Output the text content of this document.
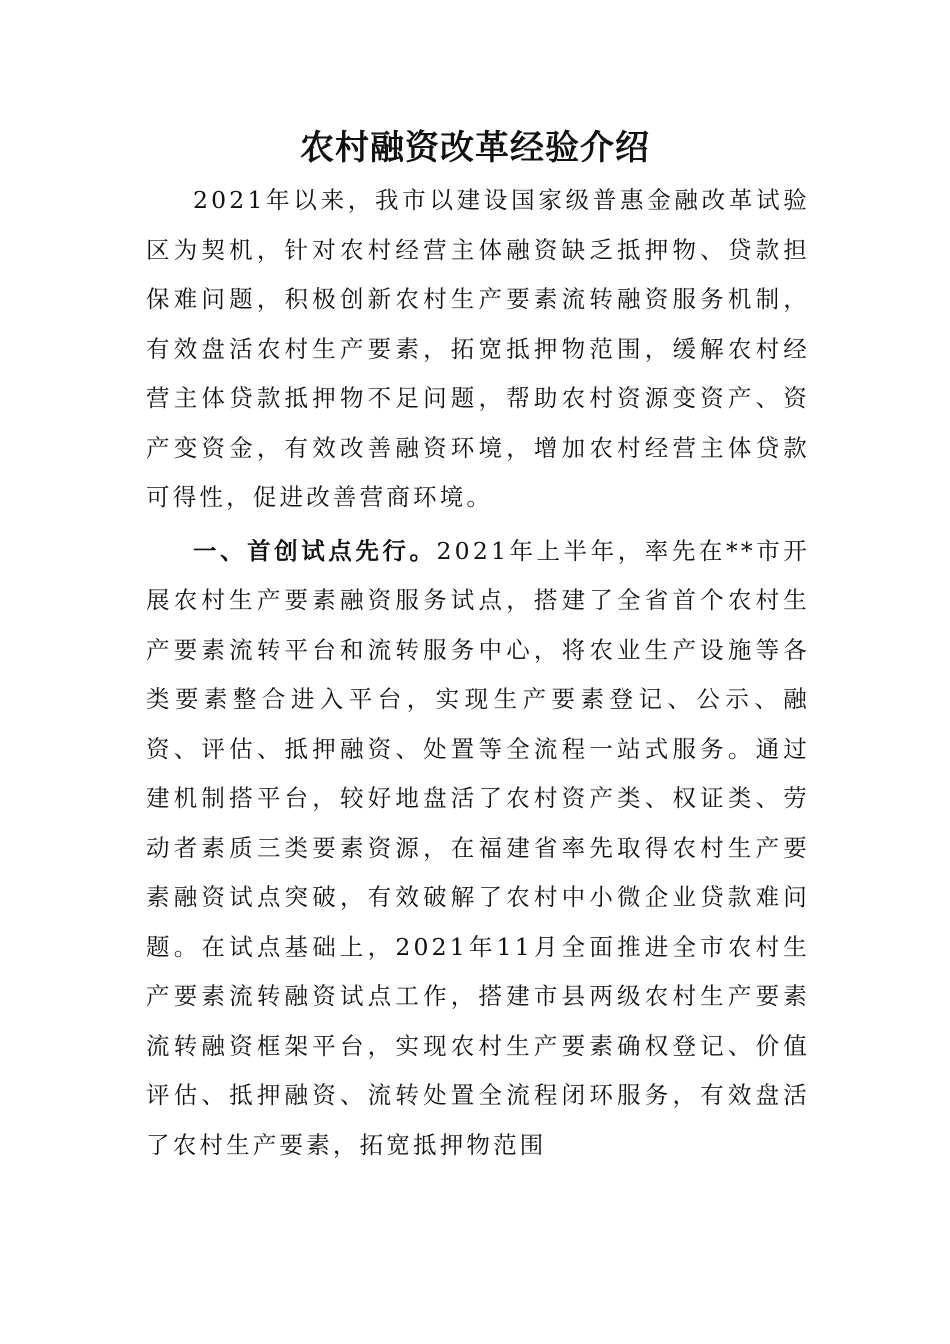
农村融资改革经验介绍

2021年以来，我市以建设国家级普惠金融改革试验区为契机，针对农村经营主体融资缺乏抵押物、贷款担保难问题，积极创新农村生产要素流转融资服务机制，有效盘活农村生产要素，拓宽抵押物范围，缓解农村经营主体贷款抵押物不足问题，帮助农村资源变资产、资产变资金，有效改善融资环境，增加农村经营主体贷款可得性，促进改善营商环境。

一、首创试点先行。2021年上半年，率先在**市开展农村生产要素融资服务试点，搭建了全省首个农村生产要素流转平台和流转服务中心，将农业生产设施等各类要素整合进入平台，实现生产要素登记、公示、融资、评估、抵押融资、处置等全流程一站式服务。通过建机制搭平台，较好地盘活了农村资产类、权证类、劳动者素质三类要素资源，在福建省率先取得农村生产要素融资试点突破，有效破解了农村中小微企业贷款难问题。在试点基础上，2021年11月全面推进全市农村生产要素流转融资试点工作，搭建市县两级农村生产要素流转融资框架平台，实现农村生产要素确权登记、价值评估、抵押融资、流转处置全流程闭环服务，有效盘活了农村生产要素，拓宽抵押物范围
